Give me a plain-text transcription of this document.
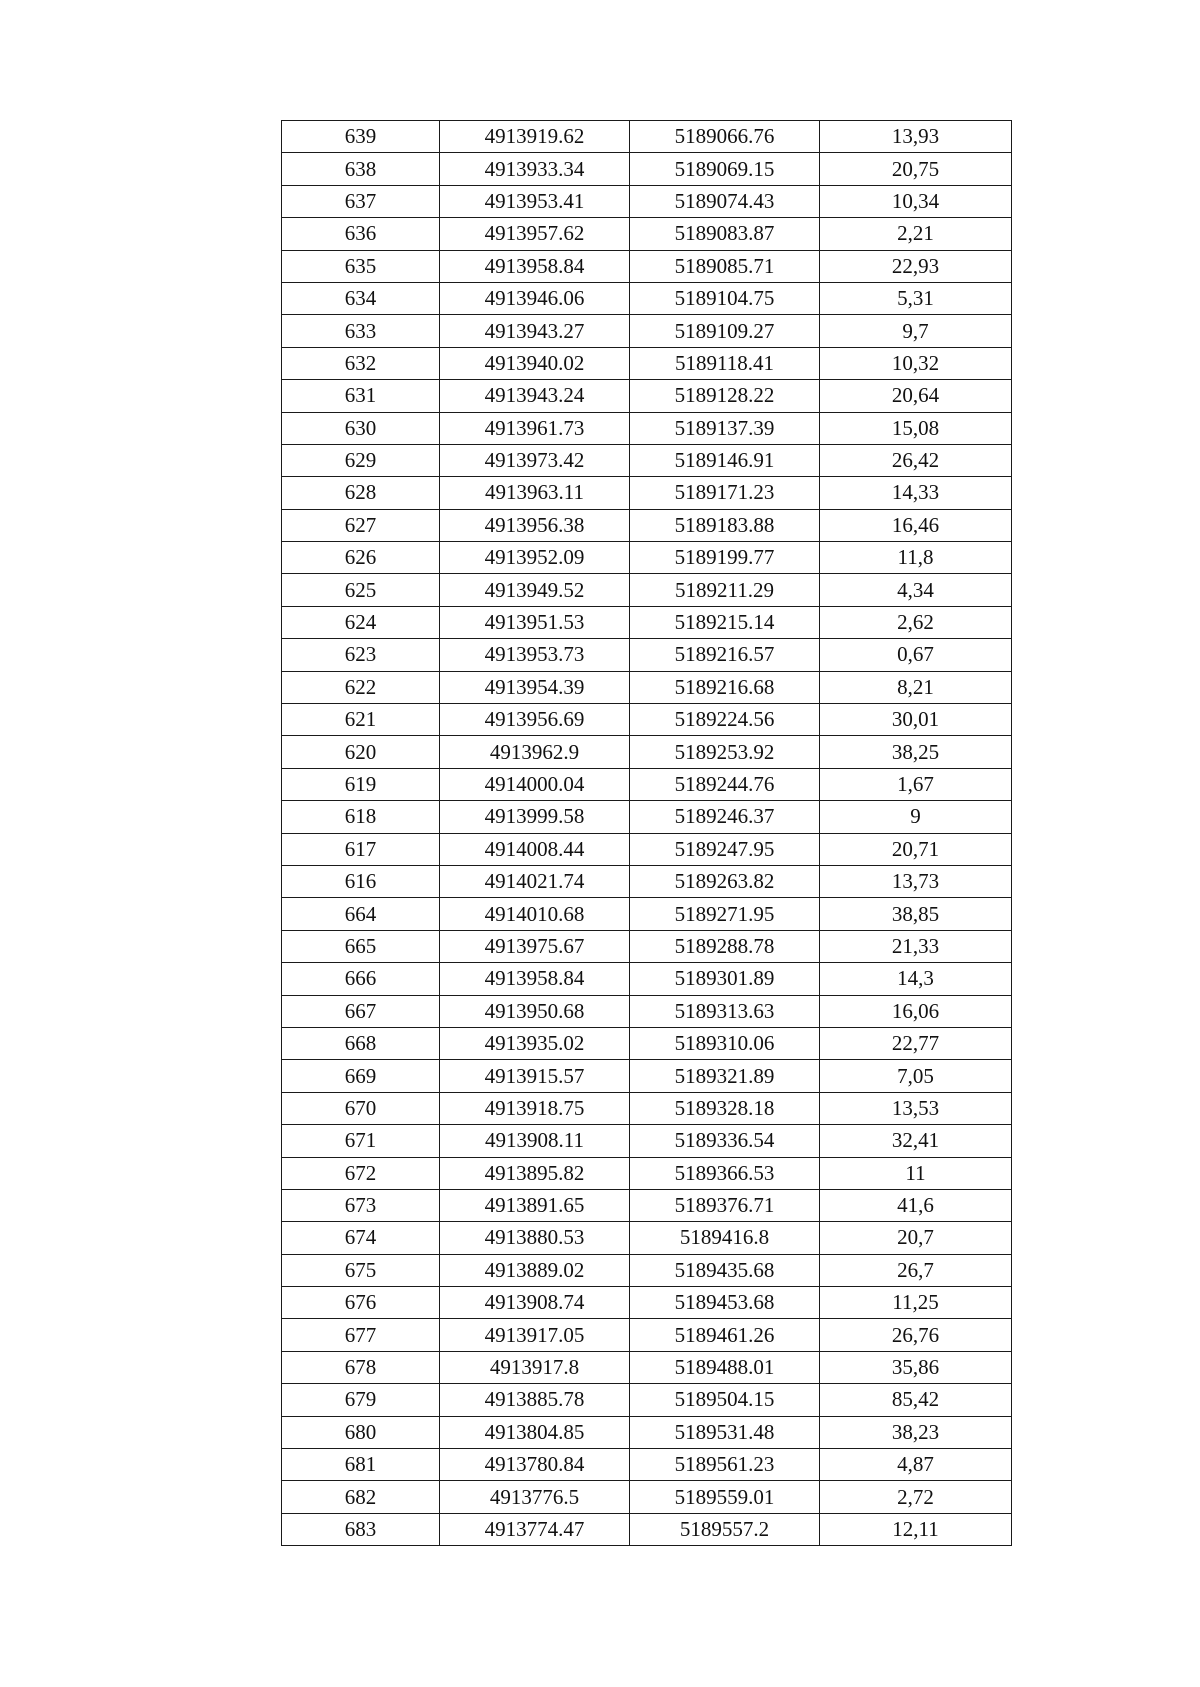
639	4913919.62	5189066.76	13,93
638	4913933.34	5189069.15	20,75
637	4913953.41	5189074.43	10,34
636	4913957.62	5189083.87	2,21
635	4913958.84	5189085.71	22,93
634	4913946.06	5189104.75	5,31
633	4913943.27	5189109.27	9,7
632	4913940.02	5189118.41	10,32
631	4913943.24	5189128.22	20,64
630	4913961.73	5189137.39	15,08
629	4913973.42	5189146.91	26,42
628	4913963.11	5189171.23	14,33
627	4913956.38	5189183.88	16,46
626	4913952.09	5189199.77	11,8
625	4913949.52	5189211.29	4,34
624	4913951.53	5189215.14	2,62
623	4913953.73	5189216.57	0,67
622	4913954.39	5189216.68	8,21
621	4913956.69	5189224.56	30,01
620	4913962.9	5189253.92	38,25
619	4914000.04	5189244.76	1,67
618	4913999.58	5189246.37	9
617	4914008.44	5189247.95	20,71
616	4914021.74	5189263.82	13,73
664	4914010.68	5189271.95	38,85
665	4913975.67	5189288.78	21,33
666	4913958.84	5189301.89	14,3
667	4913950.68	5189313.63	16,06
668	4913935.02	5189310.06	22,77
669	4913915.57	5189321.89	7,05
670	4913918.75	5189328.18	13,53
671	4913908.11	5189336.54	32,41
672	4913895.82	5189366.53	11
673	4913891.65	5189376.71	41,6
674	4913880.53	5189416.8	20,7
675	4913889.02	5189435.68	26,7
676	4913908.74	5189453.68	11,25
677	4913917.05	5189461.26	26,76
678	4913917.8	5189488.01	35,86
679	4913885.78	5189504.15	85,42
680	4913804.85	5189531.48	38,23
681	4913780.84	5189561.23	4,87
682	4913776.5	5189559.01	2,72
683	4913774.47	5189557.2	12,11
